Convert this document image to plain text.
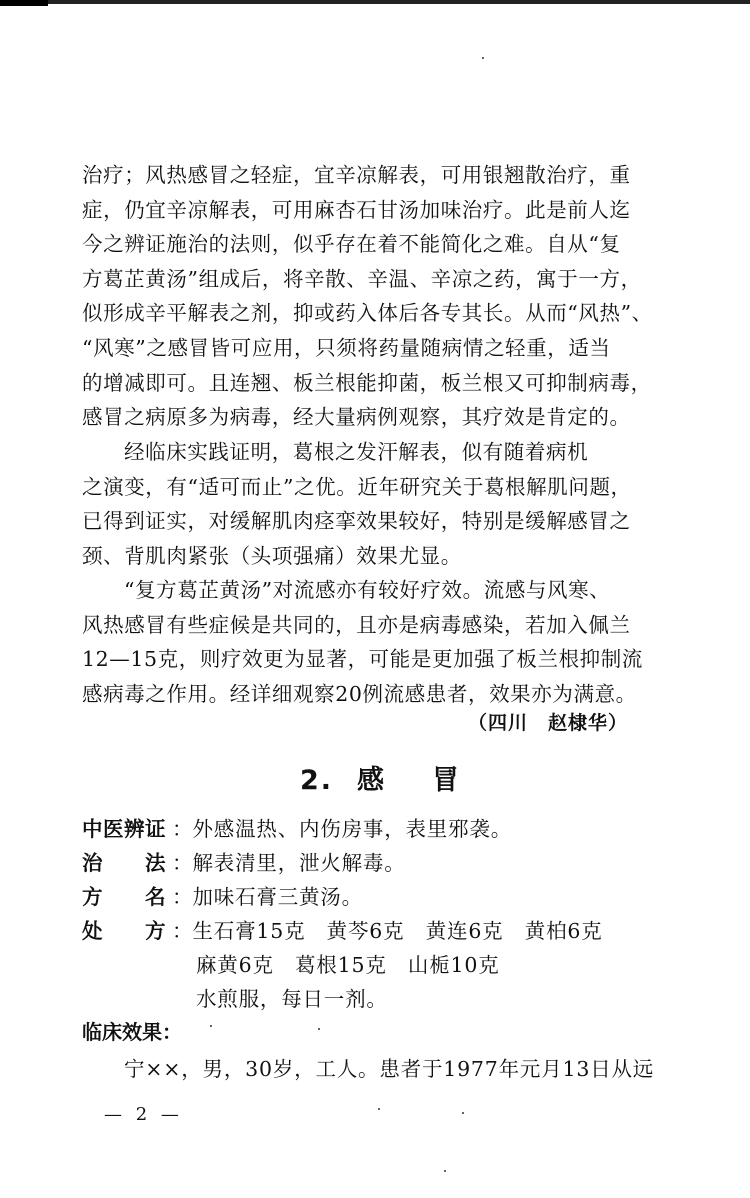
治疗；风热感冒之轻症，宜辛凉解表，可用银翘散治疗，重
症，仍宜辛凉解表，可用麻杏石甘汤加味治疗。此是前人迄
今之辨证施治的法则，似乎存在着不能简化之难。自从“复
方葛芷黄汤”组成后，将辛散、辛温、辛凉之药，寓于一方，
似形成辛平解表之剂，抑或药入体后各专其长。从而“风热”、
“风寒”之感冒皆可应用，只须将药量随病情之轻重，适当
的增减即可。且连翘、板兰根能抑菌，板兰根又可抑制病毒，
感冒之病原多为病毒，经大量病例观察，其疗效是肯定的。
经临床实践证明，葛根之发汗解表，似有随着病机
之演变，有“适可而止”之优。近年研究关于葛根解肌问题，
已得到证实，对缓解肌肉痉挛效果较好，特别是缓解感冒之
颈、背肌肉紧张（头项强痛）效果尤显。
“复方葛芷黄汤”对流感亦有较好疗效。流感与风寒、
风热感冒有些症候是共同的，且亦是病毒感染，若加入佩兰
12—15克，则疗效更为显著，可能是更加强了板兰根抑制流
感病毒之作用。经详细观察20例流感患者，效果亦为满意。
（四川　赵棣华）
2. 感 冒
中医辨证 ：外感温热、内伤房事，表里邪袭。
治　　法 ：解表清里，泄火解毒。
方　　名 ：加味石膏三黄汤。
处　　方 ：生石膏15克　黄芩6克　黄连6克　黄柏6克
麻黄6克　葛根15克　山栀10克
水煎服，每日一剂。
临床效果：
宁××，男，30岁，工人。患者于1977年元月13日从远
— 2 —
